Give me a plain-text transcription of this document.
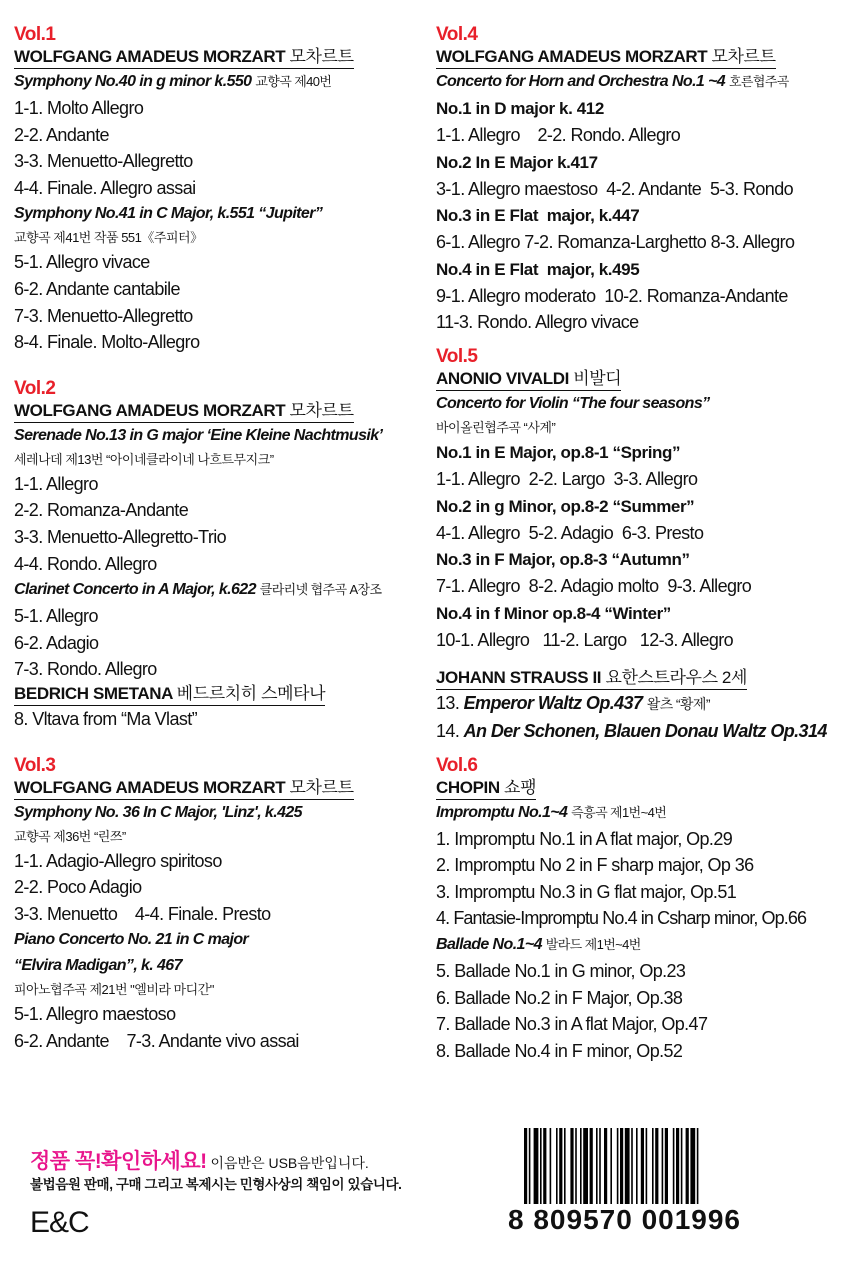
Vol.1
WOLFGANG AMADEUS MORZART 모차르트
Symphony No.40 in g minor k.550 교향곡 제40번
1-1. Molto Allegro
2-2. Andante
3-3. Menuetto-Allegretto
4-4. Finale. Allegro assai
Symphony No.41 in C Major, k.551 “Jupiter”
교향곡 제41번 작품 551《주피터》
5-1. Allegro vivace
6-2. Andante cantabile
7-3. Menuetto-Allegretto
8-4. Finale. Molto-Allegro
Vol.2
WOLFGANG AMADEUS MORZART 모차르트
Serenade No.13 in G major ‘Eine Kleine Nachtmusik’
세레나데 제13번 “아이네클라이네 나흐트무지크”
1-1. Allegro
2-2. Romanza-Andante
3-3. Menuetto-Allegretto-Trio
4-4. Rondo. Allegro
Clarinet Concerto in A Major, k.622 클라리넷 협주곡 A장조
5-1. Allegro
6-2. Adagio
7-3. Rondo. Allegro
BEDRICH SMETANA 베드르치히 스메타나
8. Vltava from “Ma Vlast”
Vol.3
WOLFGANG AMADEUS MORZART 모차르트
Symphony No. 36 In C Major, 'Linz', k.425
교향곡 제36번 “린쯔”
1-1. Adagio-Allegro spiritoso
2-2. Poco Adagio
3-3. Menuetto    4-4. Finale. Presto
Piano Concerto No. 21 in C major
“Elvira Madigan”, k. 467
피아노협주곡 제21번 "엘비라 마디간"
5-1. Allegro maestoso
6-2. Andante    7-3. Andante vivo assai
Vol.4
WOLFGANG AMADEUS MORZART 모차르트
Concerto for Horn and Orchestra No.1 ~4 호른협주곡
No.1 in D major k. 412
1-1. Allegro    2-2. Rondo. Allegro
No.2 In E Major k.417
3-1. Allegro maestoso  4-2. Andante  5-3. Rondo
No.3 in E Flat  major, k.447
6-1. Allegro 7-2. Romanza-Larghetto 8-3. Allegro
No.4 in E Flat  major, k.495
9-1. Allegro moderato  10-2. Romanza-Andante
11-3. Rondo. Allegro vivace
Vol.5
ANONIO VIVALDI 비발디
Concerto for Violin “The four seasons”
바이올린협주곡 “사계”
No.1 in E Major, op.8-1 “Spring”
1-1. Allegro  2-2. Largo  3-3. Allegro
No.2 in g Minor, op.8-2 “Summer”
4-1. Allegro  5-2. Adagio  6-3. Presto
No.3 in F Major, op.8-3 “Autumn”
7-1. Allegro  8-2. Adagio molto  9-3. Allegro
No.4 in f Minor op.8-4 “Winter”
10-1. Allegro   11-2. Largo   12-3. Allegro
JOHANN STRAUSS II 요한스트라우스 2세
13. Emperor Waltz Op.437 왈츠 “황제”
14. An Der Schonen, Blauen Donau Waltz Op.314
Vol.6
CHOPIN 쇼팽
Impromptu No.1~4 즉흥곡 제1번~4번
1. Impromptu No.1 in A flat major, Op.29
2. Impromptu No 2 in F sharp major, Op 36
3. Impromptu No.3 in G flat major, Op.51
4. Fantasie-Impromptu No.4 in Csharp minor, Op.66
Ballade No.1~4 발라드 제1번~4번
5. Ballade No.1 in G minor, Op.23
6. Ballade No.2 in F Major, Op.38
7. Ballade No.3 in A flat Major, Op.47
8. Ballade No.4 in F minor, Op.52
정품 꼭!확인하세요! 이음반은 USB음반입니다.
불법음원 판매, 구매 그리고 복제시는 민형사상의 책임이 있습니다.
E&C	8 809570 001996
